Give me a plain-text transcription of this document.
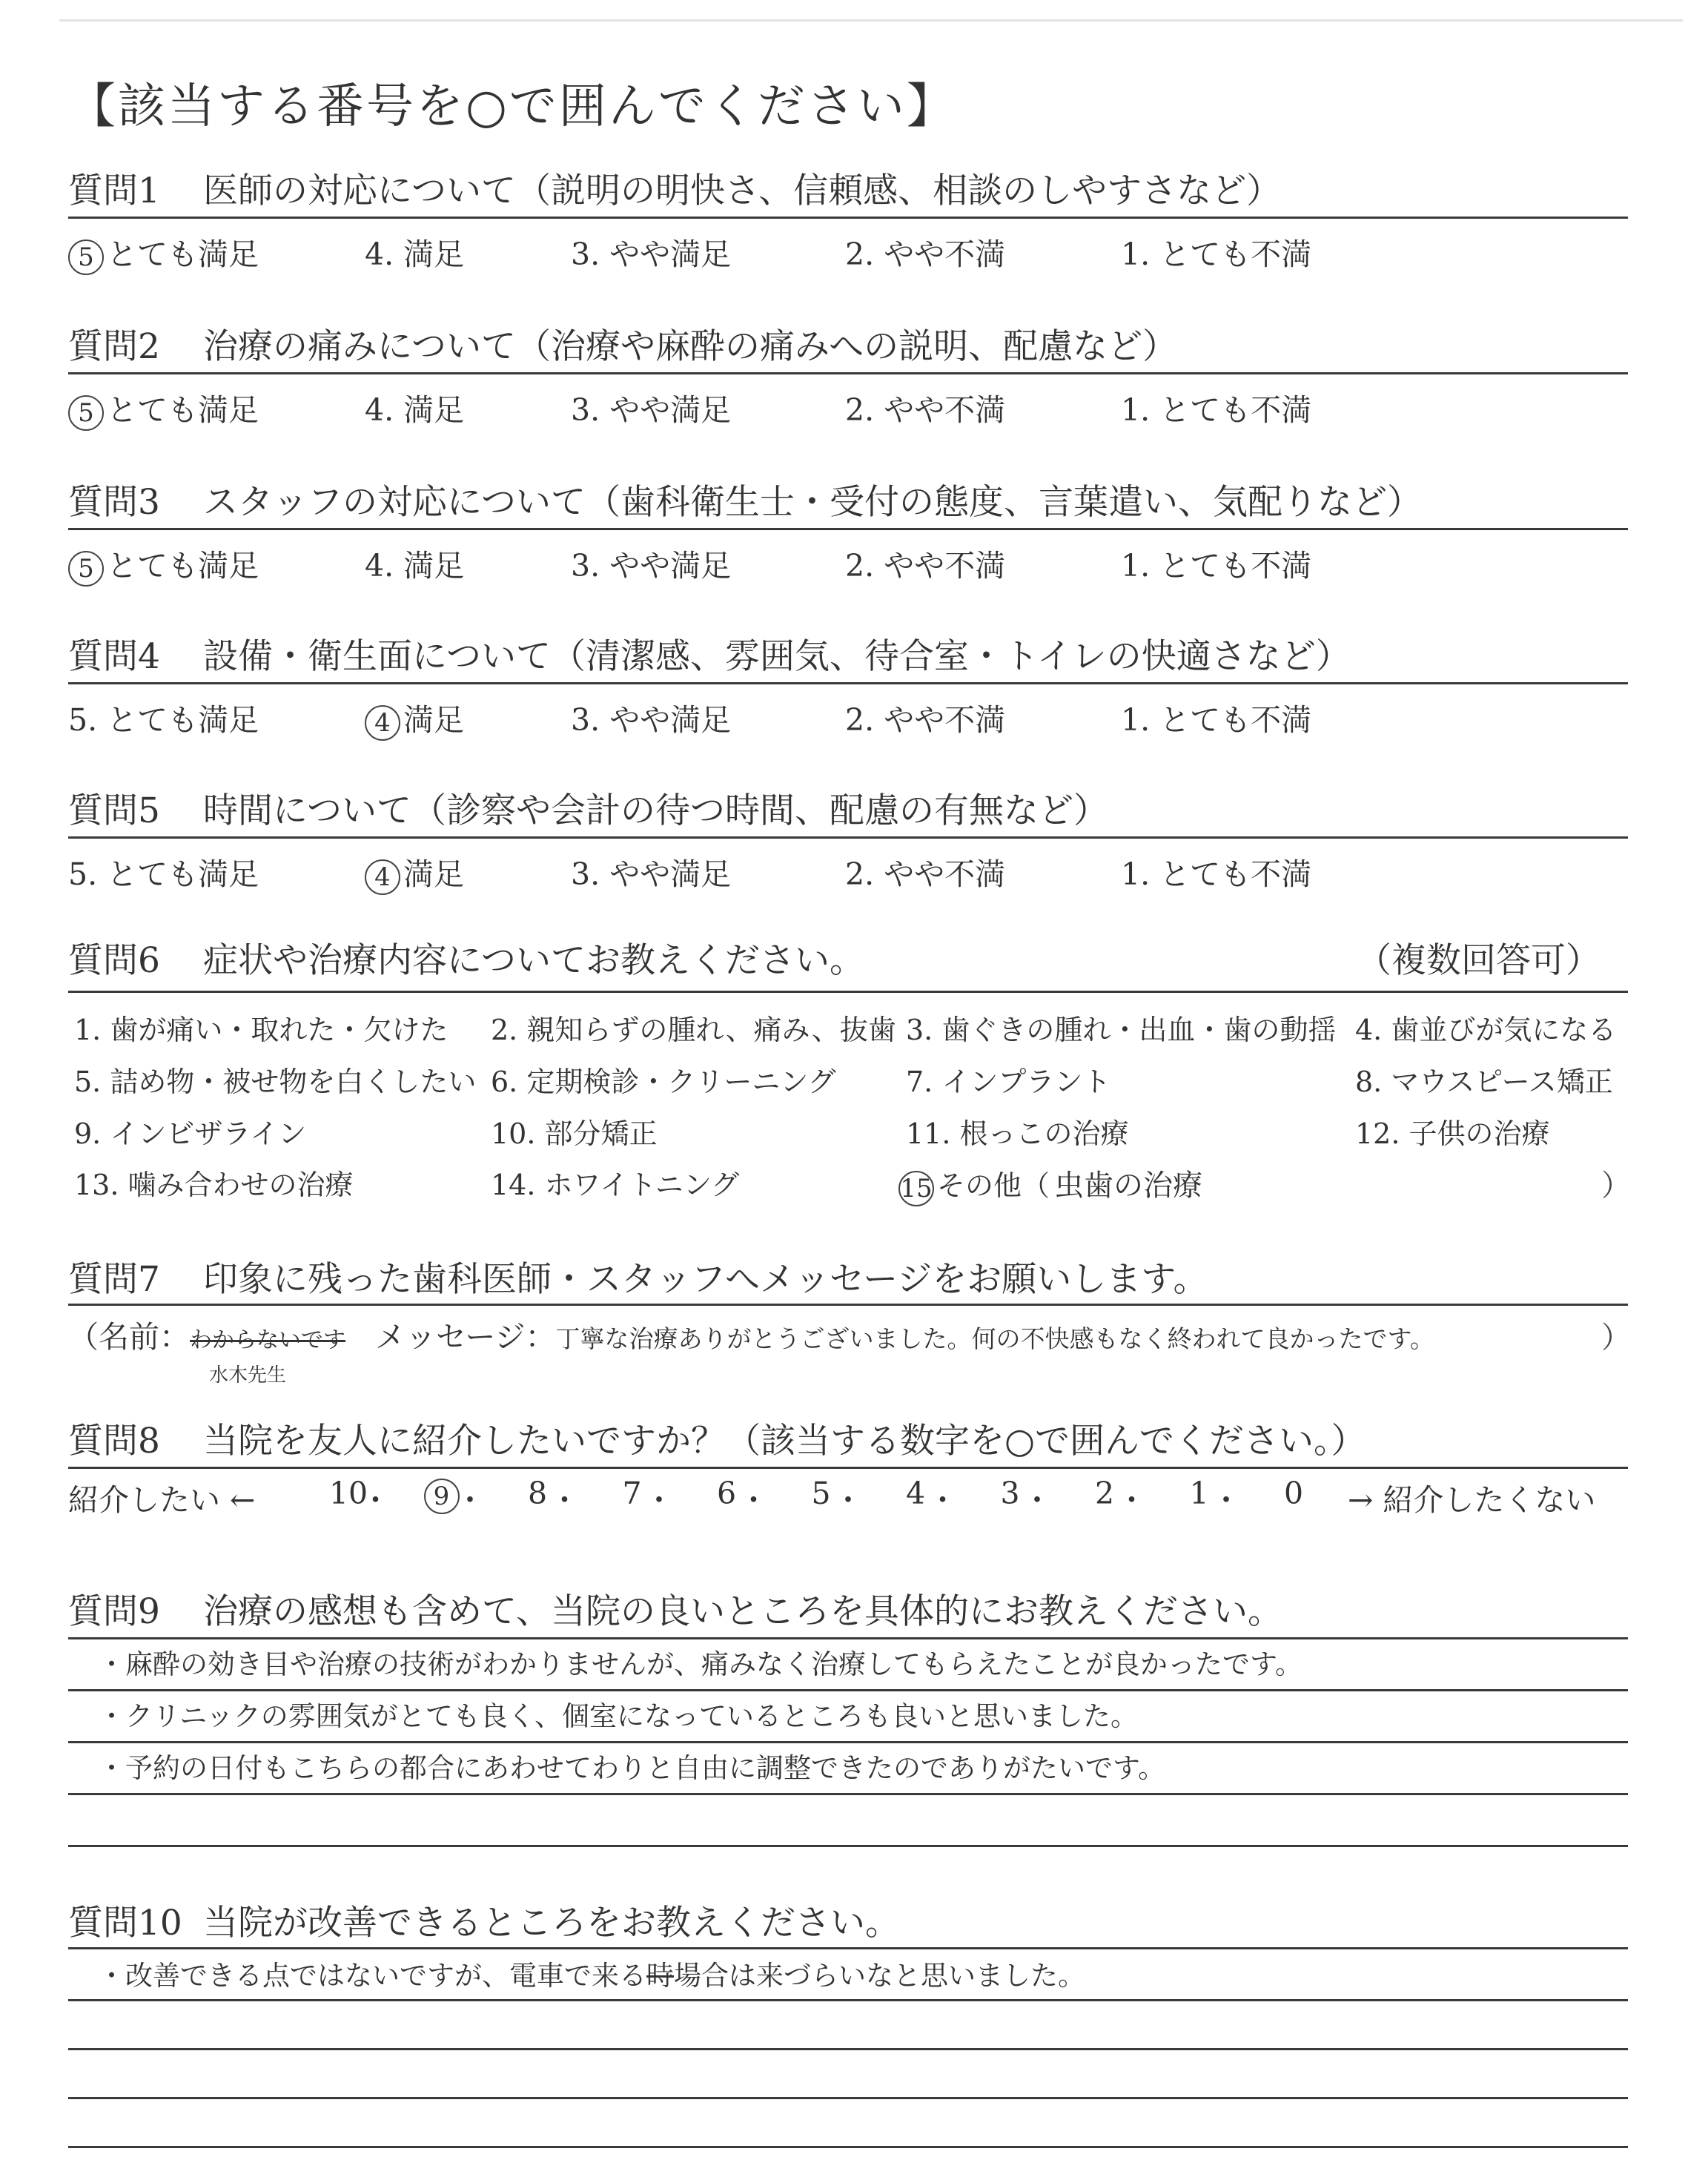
【該当する番号を○で囲んでください】
質問1 医師の対応について（説明の明快さ、信頼感、相談のしやすさなど）
5 とても満足	4. 満足	3. やや満足	2. やや不満	1. とても不満
質問2 治療の痛みについて（治療や麻酔の痛みへの説明、配慮など）
5 とても満足	4. 満足	3. やや満足	2. やや不満	1. とても不満
質問3 スタッフの対応について（歯科衛生士・受付の態度、言葉遣い、気配りなど）
5 とても満足	4. 満足	3. やや満足	2. やや不満	1. とても不満
質問4 設備・衛生面について（清潔感、雰囲気、待合室・トイレの快適さなど）
5. とても満足	4 満足	3. やや満足	2. やや不満	1. とても不満
質問5 時間について（診察や会計の待つ時間、配慮の有無など）
5. とても満足	4 満足	3. やや満足	2. やや不満	1. とても不満
質問6 症状や治療内容についてお教えください。	（複数回答可）
1. 歯が痛い・取れた・欠けた 2. 親知らずの腫れ、痛み、抜歯 3. 歯ぐきの腫れ・出血・歯の動揺 4. 歯並びが気になる
5. 詰め物・被せ物を白くしたい 6. 定期検診・クリーニング 7. インプラント	8. マウスピース矯正
9. インビザライン	10. 部分矯正	11. 根っこの治療	12. 子供の治療
13. 噛み合わせの治療	14. ホワイトニング	15 その他（ 虫歯の治療	）
質問7 印象に残った歯科医師・スタッフへメッセージをお願いします。
（名前：わからないです メッセージ：丁寧な治療ありがとうございました。何の不快感もなく終われて良かったです。
水木先生
）
質問8 当院を友人に紹介したいですか？（該当する数字を○で囲んでください。）
紹介したい ← 10
・	9 ・	8 ・	7 ・	6 ・	5 ・	4 ・	3 ・	2 ・	1 ・	0	→ 紹介したくない
質問9 治療の感想も含めて、当院の良いところを具体的にお教えください。
・麻酔の効き目や治療の技術がわかりませんが、痛みなく治療してもらえたことが良かったです。
・クリニックの雰囲気がとても良く、個室になっているところも良いと思いました。
・予約の日付もこちらの都合にあわせてわりと自由に調整できたのでありがたいです。
質問10 当院が改善できるところをお教えください。
・改善できる点ではないですが、電車で来る時場合は来づらいなと思いました。
